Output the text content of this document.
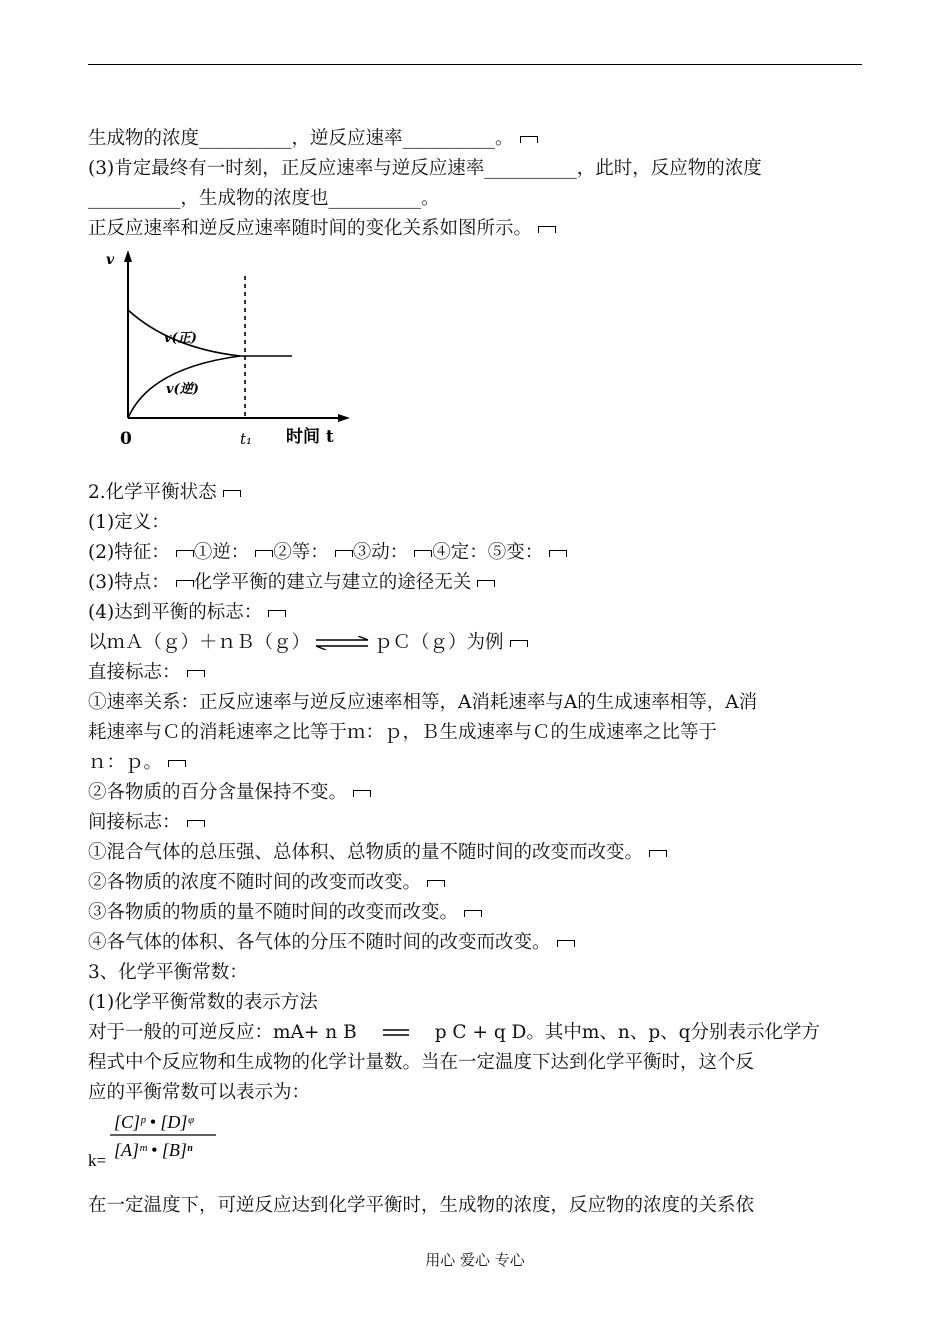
生成物的浓度__________，逆反应速率__________。
(3)肯定最终有一时刻，正反应速率与逆反应速率__________，此时，反应物的浓度
__________，生成物的浓度也__________。
正反应速率和逆反应速率随时间的变化关系如图所示。
v
0	t₁ 时间 t
v(正)
v(逆)
2.化学平衡状态
(1)定义：
(2)特征： ①逆： ②等： ③动： ④定：⑤变：
(3)特点： 化学平衡的建立与建立的途径无关
(4)达到平衡的标志：
以ｍＡ（ｇ）＋ｎＢ（ｇ） ⇌ ｐＣ（ｇ）为例
直接标志：
①速率关系：正反应速率与逆反应速率相等，A消耗速率与A的生成速率相等，A消
耗速率与Ｃ的消耗速率之比等于ｍ：ｐ，Ｂ生成速率与Ｃ的生成速率之比等于
ｎ：ｐ。
②各物质的百分含量保持不变。
间接标志：
①混合气体的总压强、总体积、总物质的量不随时间的改变而改变。
②各物质的浓度不随时间的改变而改变。
③各物质的物质的量不随时间的改变而改变。
④各气体的体积、各气体的分压不随时间的改变而改变。
3、化学平衡常数：
(1)化学平衡常数的表示方法
对于一般的可逆反应：mA+ n B	p C + q D。其中m、n、p、q分别表示化学方
程式中个反应物和生成物的化学计量数。当在一定温度下达到化学平衡时，这个反
应的平衡常数可以表示为：
[C]ᵖ • [D]ᵠ
[A]ᵐ • [B]ⁿ
k=
在一定温度下，可逆反应达到化学平衡时，生成物的浓度，反应物的浓度的关系依
用心 爱心 专心
